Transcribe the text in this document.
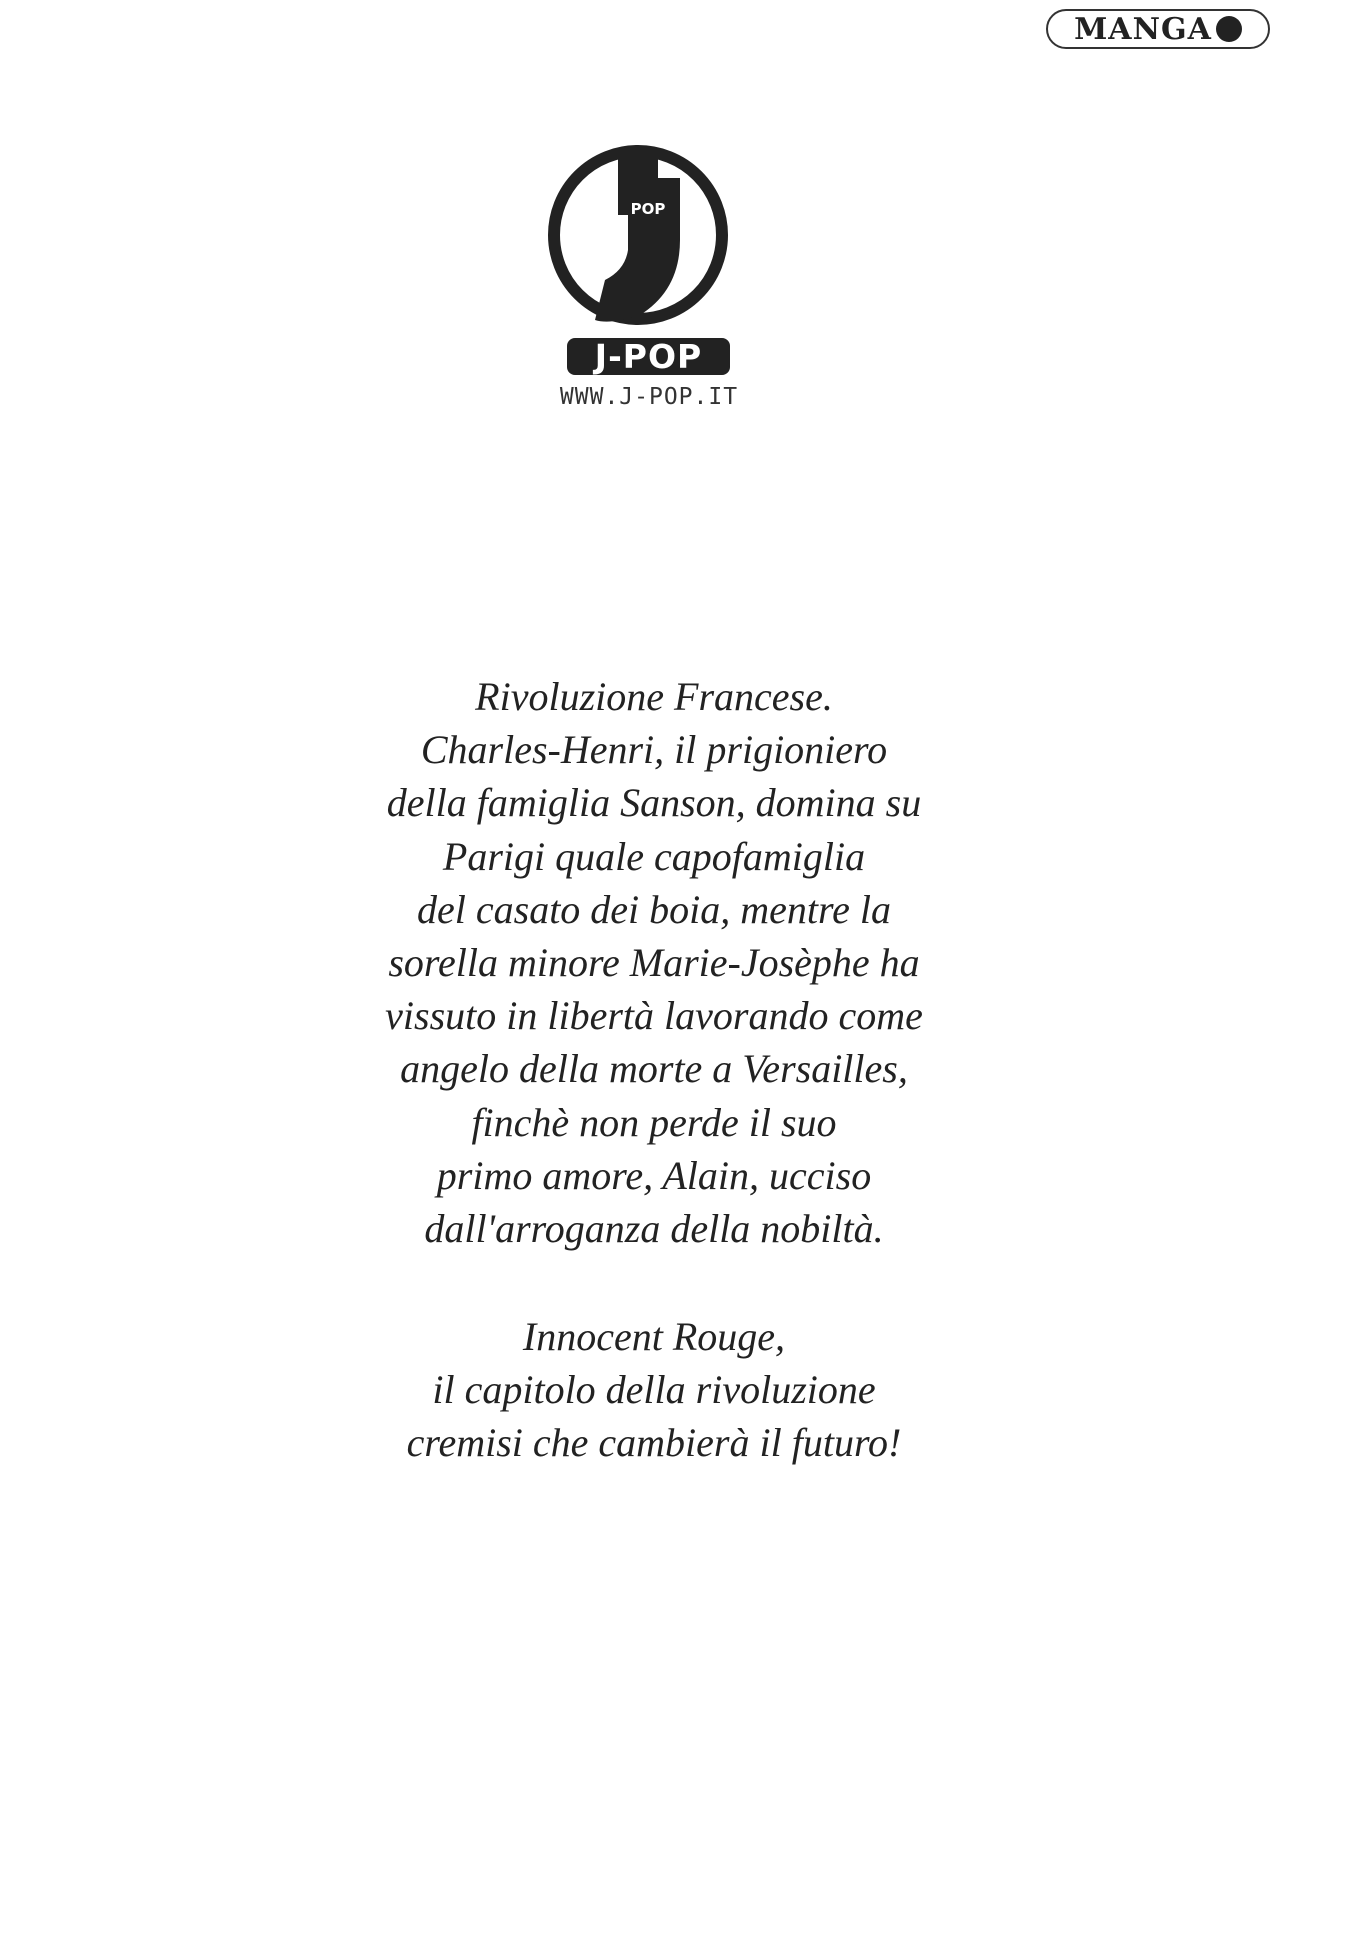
MANGA
POP
J-POP
WWW.J-POP.IT
Rivoluzione Francese.
Charles-Henri, il prigioniero
della famiglia Sanson, domina su
Parigi quale capofamiglia
del casato dei boia, mentre la
sorella minore Marie-Josèphe ha
vissuto in libertà lavorando come
angelo della morte a Versailles,
finchè non perde il suo
primo amore, Alain, ucciso
dall'arroganza della nobiltà.
Innocent Rouge,
il capitolo della rivoluzione
cremisi che cambierà il futuro!
